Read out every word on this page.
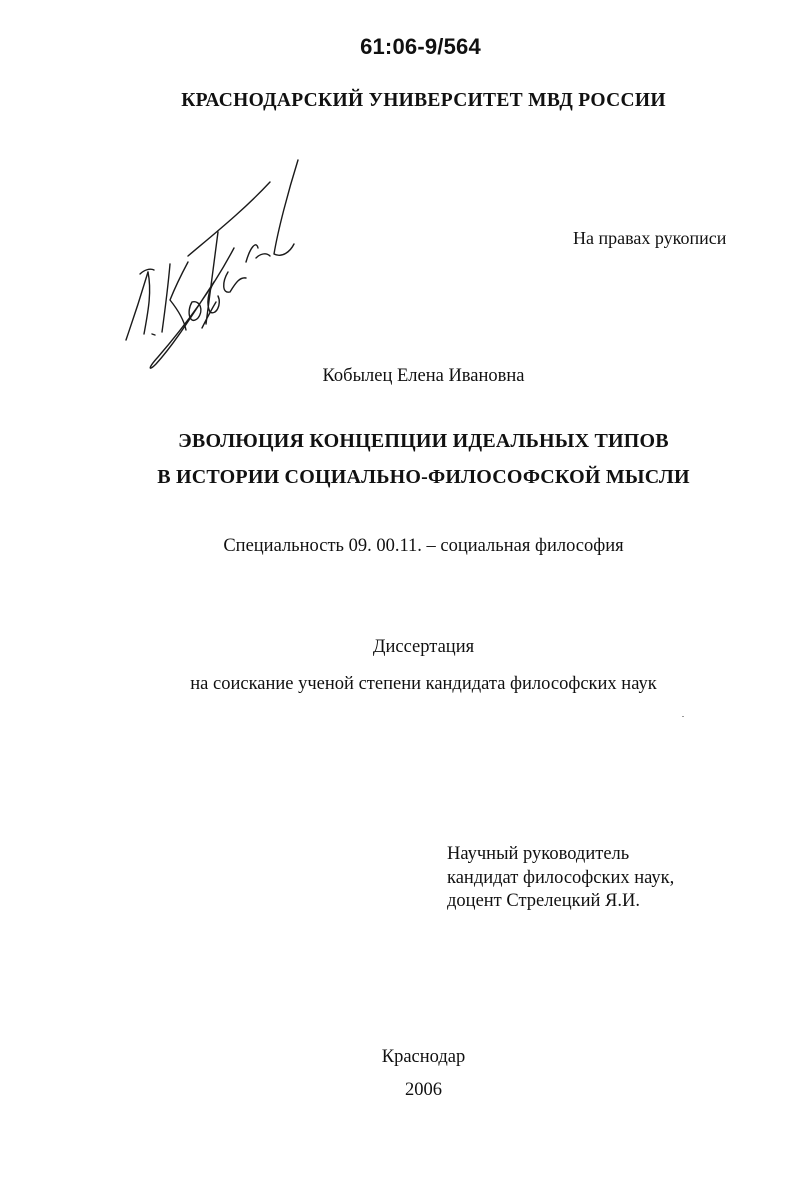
61:06-9/564
КРАСНОДАРСКИЙ УНИВЕРСИТЕТ МВД РОССИИ
На правах рукописи
Кобылец Елена Ивановна
ЭВОЛЮЦИЯ КОНЦЕПЦИИ ИДЕАЛЬНЫХ ТИПОВ
В ИСТОРИИ СОЦИАЛЬНО-ФИЛОСОФСКОЙ МЫСЛИ
Специальность 09. 00.11. – социальная философия
Диссертация
на соискание ученой степени кандидата философских наук
Научный руководитель
кандидат философских наук,
доцент Стрелецкий Я.И.
Краснодар
2006
